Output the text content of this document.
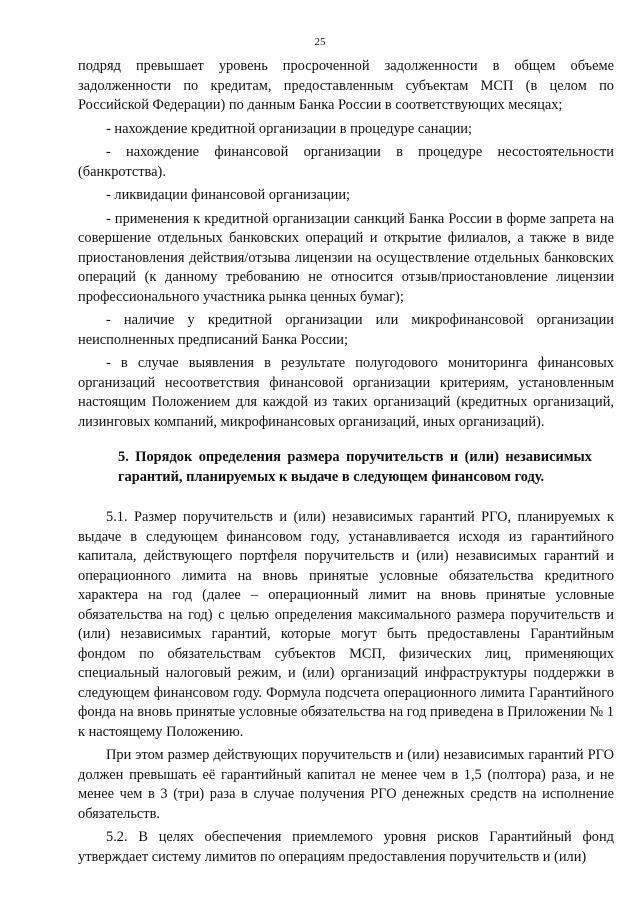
25

подряд превышает уровень просроченной задолженности в общем объеме задолженности по кредитам, предоставленным субъектам МСП (в целом по Российской Федерации) по данным Банка России в соответствующих месяцах;

- нахождение кредитной организации в процедуре санации;

- нахождение финансовой организации в процедуре несостоятельности (банкротства).

- ликвидации финансовой организации;

- применения к кредитной организации санкций Банка России в форме запрета на совершение отдельных банковских операций и открытие филиалов, а также в виде приостановления действия/отзыва лицензии на осуществление отдельных банковских операций (к данному требованию не относится отзыв/приостановление лицензии профессионального участника рынка ценных бумаг);

- наличие у кредитной организации или микрофинансовой организации неисполненных предписаний Банка России;

- в случае выявления в результате полугодового мониторинга финансовых организаций несоответствия финансовой организации критериям, установленным настоящим Положением для каждой из таких организаций (кредитных организаций, лизинговых компаний, микрофинансовых организаций, иных организаций).

5. Порядок определения размера поручительств и (или) независимых гарантий, планируемых к выдаче в следующем финансовом году.

5.1. Размер поручительств и (или) независимых гарантий РГО, планируемых к выдаче в следующем финансовом году, устанавливается исходя из гарантийного капитала, действующего портфеля поручительств и (или) независимых гарантий и операционного лимита на вновь принятые условные обязательства кредитного характера на год (далее – операционный лимит на вновь принятые условные обязательства на год) с целью определения максимального размера поручительств и (или) независимых гарантий, которые могут быть предоставлены Гарантийным фондом по обязательствам субъектов МСП, физических лиц, применяющих специальный налоговый режим, и (или) организаций инфраструктуры поддержки в следующем финансовом году. Формула подсчета операционного лимита Гарантийного фонда на вновь принятые условные обязательства на год приведена в Приложении № 1 к настоящему Положению.

При этом размер действующих поручительств и (или) независимых гарантий РГО должен превышать её гарантийный капитал не менее чем в 1,5 (полтора) раза, и не менее чем в 3 (три) раза в случае получения РГО денежных средств на исполнение обязательств.

5.2. В целях обеспечения приемлемого уровня рисков Гарантийный фонд утверждает систему лимитов по операциям предоставления поручительств и (или)
